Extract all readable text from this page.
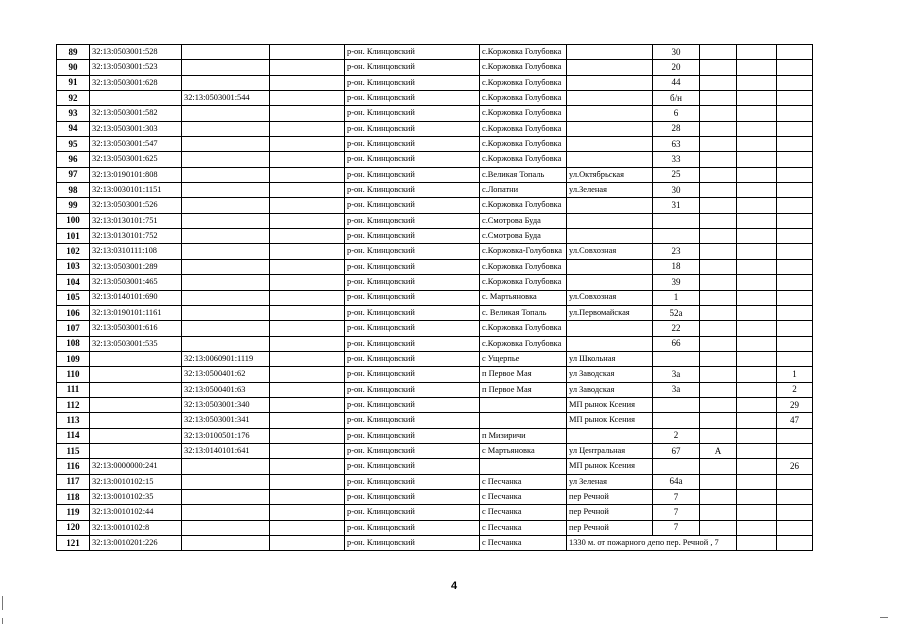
89	32:13:0503001:528			р-он. Клинцовский	с.Коржовка Голубовка		30			
90	32:13:0503001:523			р-он. Клинцовский	с.Коржовка Голубовка		20			
91	32:13:0503001:628			р-он. Клинцовский	с.Коржовка Голубовка		44			
92		32:13:0503001:544		р-он. Клинцовский	с.Коржовка Голубовка		б/н			
93	32:13:0503001:582			р-он. Клинцовский	с.Коржовка Голубовка		6			
94	32:13:0503001:303			р-он. Клинцовский	с.Коржовка Голубовка		28			
95	32:13:0503001:547			р-он. Клинцовский	с.Коржовка Голубовка		63			
96	32:13:0503001:625			р-он. Клинцовский	с.Коржовка Голубовка		33			
97	32:13:0190101:808			р-он. Клинцовский	с.Великая Топаль	ул.Октябрьская	25			
98	32:13:0030101:1151			р-он. Клинцовский	с.Лопатни	ул.Зеленая	30			
99	32:13:0503001:526			р-он. Клинцовский	с.Коржовка Голубовка		31			
100	32:13:0130101:751			р-он. Клинцовский	с.Смотрова Буда					
101	32:13:0130101:752			р-он. Клинцовский	с.Смотрова Буда					
102	32:13:0310111:108			р-он. Клинцовский	с.Коржовка-Голубовка	ул.Совхозная	23			
103	32:13:0503001:289			р-он. Клинцовский	с.Коржовка Голубовка		18			
104	32:13:0503001:465			р-он. Клинцовский	с.Коржовка Голубовка		39			
105	32:13:0140101:690			р-он. Клинцовский	с. Мартьяновка	ул.Совхозная	1			
106	32:13:0190101:1161			р-он. Клинцовский	с. Великая Топаль	ул.Первомайская	52а			
107	32:13:0503001:616			р-он. Клинцовский	с.Коржовка Голубовка		22			
108	32:13:0503001:535			р-он. Клинцовский	с.Коржовка Голубовка		66			
109		32:13:0060901:1119		р-он. Клинцовский	с Ущерпье	ул Школьная				
110		32:13:0500401:62		р-он. Клинцовский	п Первое Мая	ул Заводская	3а			1
111		32:13:0500401:63		р-он. Клинцовский	п Первое Мая	ул Заводская	3а			2
112		32:13:0503001:340		р-он. Клинцовский		МП рынок Ксения				29
113		32:13:0503001:341		р-он. Клинцовский		МП рынок Ксения				47
114		32:13:0100501:176		р-он. Клинцовский	п Мизиричи		2			
115		32:13:0140101:641		р-он. Клинцовский	с Мартьяновка	ул Центральная	67	А		
116	32:13:0000000:241			р-он. Клинцовский		МП рынок Ксения				26
117	32:13:0010102:15			р-он. Клинцовский	с Песчанка	ул Зеленая	64а			
118	32:13:0010102:35			р-он. Клинцовский	с Песчанка	пер Речной	7			
119	32:13:0010102:44			р-он. Клинцовский	с Песчанка	пер Речной	7			
120	32:13:0010102:8			р-он. Клинцовский	с Песчанка	пер Речной	7			
121	32:13:0010201:226			р-он. Клинцовский	с Песчанка	1330 м. от пожарного депо пер. Речной , 7				
4
